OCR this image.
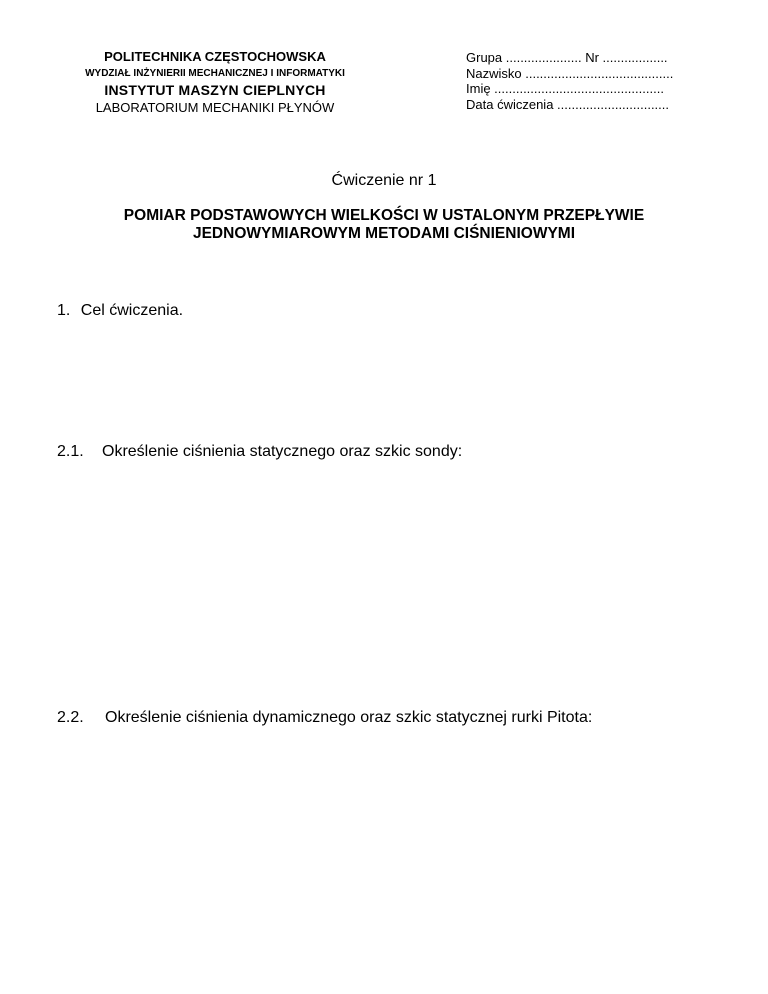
POLITECHNIKA CZĘSTOCHOWSKA
WYDZIAŁ INŻYNIERII MECHANICZNEJ I INFORMATYKI
INSTYTUT MASZYN CIEPLNYCH
LABORATORIUM MECHANIKI PŁYNÓW
Grupa ..................... Nr ..................
Nazwisko .........................................
Imię ...............................................
Data ćwiczenia ...............................
Ćwiczenie nr 1
POMIAR PODSTAWOWYCH WIELKOŚCI W USTALONYM PRZEPŁYWIE
JEDNOWYMIAROWYM METODAMI CIŚNIENIOWYMI
1. Cel ćwiczenia.
2.1. Określenie ciśnienia statycznego oraz szkic sondy:
2.2. Określenie ciśnienia dynamicznego oraz szkic statycznej rurki Pitota:
